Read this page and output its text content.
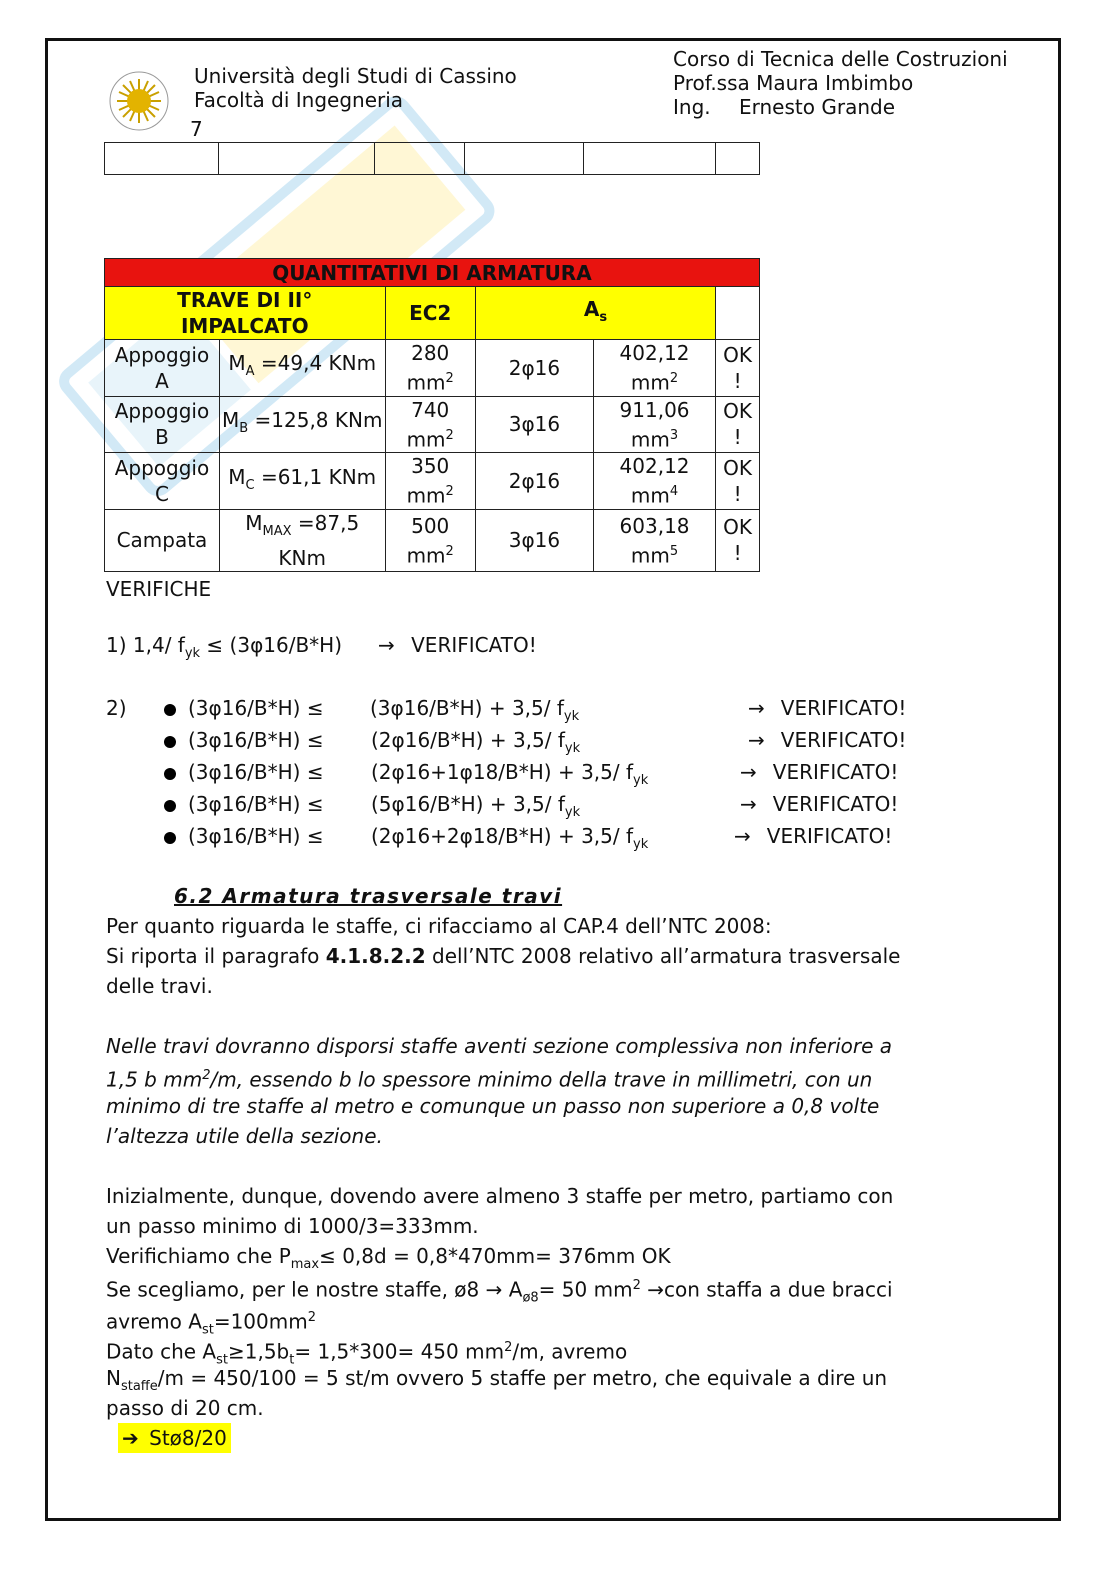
Università degli Studi di Cassino
Facoltà di Ingegneria
7
Corso di Tecnica delle Costruzioni
Prof.ssa Maura Imbimbo
Ing. Ernesto Grande

QUANTITATIVI DI ARMATURA					
TRAVE DI II° IMPALCATO		EC2	$A_s$	
Appoggio A	$M_A =49,4$ KNm	280 $mm^2$	2φ16	402,12 $mm^2$	OK !
Appoggio B	$M_B =125,8$ KNm	740 $mm^2$	3φ16	911,06 $mm^3$	OK !
Appoggio C	$M_C =61,1$ KNm	350 $mm^2$	2φ16	402,12 $mm^4$	OK !
Campata	$M_{MAX} =87,5$ KNm	500 $mm^2$	3φ16	603,18 $mm^5$	OK !
VERIFICHE
1) 1,4/ $f_{yk} \le (3\varphi 16/B*H)$ → VERIFICATO!
2)	(3φ16/B*H) ≤ (3φ16/B*H) + 3,5/ $f_{yk}$	→ VERIFICATO!
(3φ16/B*H) ≤ (2φ16/B*H) + 3,5/ $f_{yk}$	→ VERIFICATO!
(3φ16/B*H) ≤ (2φ16+1φ18/B*H) + 3,5/ $f_{yk}$	→ VERIFICATO!
(3φ16/B*H) ≤ (5φ16/B*H) + 3,5/ $f_{yk}$	→ VERIFICATO!
(3φ16/B*H) ≤ (2φ16+2φ18/B*H) + 3,5/ $f_{yk}$	→ VERIFICATO!
6.2 Armatura trasversale travi
Per quanto riguarda le staffe, ci rifacciamo al CAP.4 dell’NTC 2008:
Si riporta il paragrafo 4.1.8.2.2 dell’NTC 2008 relativo all’armatura trasversale
delle travi.
Nelle travi dovranno disporsi staffe aventi sezione complessiva non inferiore a
1,5 b $mm^2/m$, essendo b lo spessore minimo della trave in millimetri, con un
minimo di tre staffe al metro e comunque un passo non superiore a 0,8 volte
l’altezza utile della sezione.
Inizialmente, dunque, dovendo avere almeno 3 staffe per metro, partiamo con
un passo minimo di 1000/3=333mm.
Verifichiamo che $P_{max}\le 0,8d = 0,8*470mm= 376mm$ OK
Se scegliamo, per le nostre staffe, ø8 → $A_{ø8}= 50$ $mm^2 \to con$ staffa a due bracci
avremo $A_{st}=100mm^2$
Dato che $A_{st}\ge 1,5b_t= 1,5*300= 450$ $mm^2/m$, avremo
$N_{staffe}/m = 450/100 = 5$ st/m ovvero 5 staffe per metro, che equivale a dire un
passo di 20 cm.
➔ Stø8/20
